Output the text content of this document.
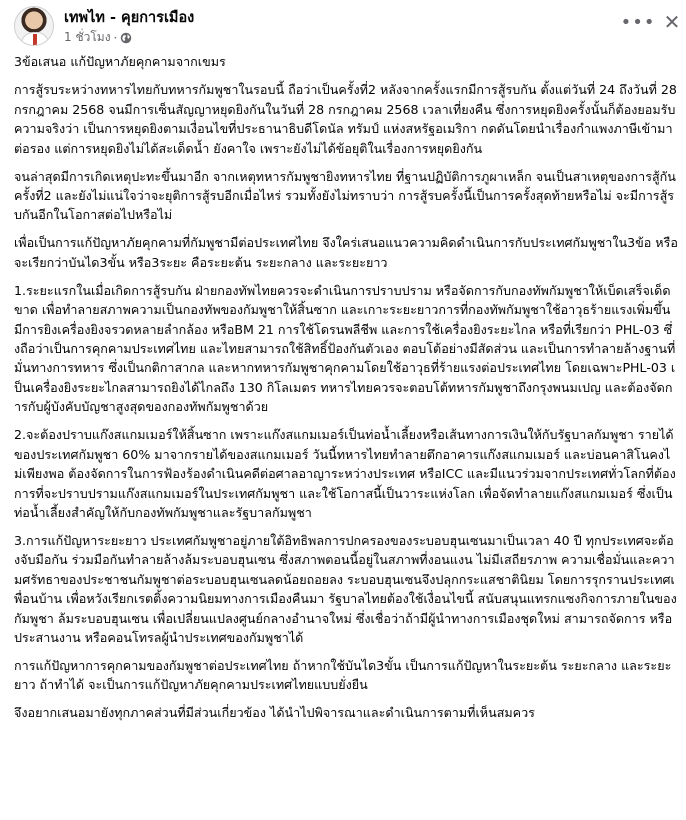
เทพไท - คุยการเมือง
1 ชั่วโมง ·
••• ✕

3ข้อเสนอ แก้ปัญหาภัยคุกคามจากเขมร

การสู้รบระหว่างทหารไทยกับทหารกัมพูชาในรอบนี้ ถือว่าเป็นครั้งที่2 หลังจากครั้งแรกมีการสู้รบกัน ตั้งแต่วันที่ 24 ถึงวันที่ 28 กรกฎาคม 2568 จนมีการเซ็นสัญญาหยุดยิงกันในวันที่ 28 กรกฎาคม 2568 เวลาเที่ยงคืน ซึ่งการหยุดยิงครั้งนั้นก็ต้องยอมรับความจริงว่า เป็นการหยุดยิงตามเงื่อนไขที่ประธานาธิบดีโดนัล ทรัมป์ แห่งสหรัฐอเมริกา กดดันโดยนำเรื่องกำแพงภาษีเข้ามาต่อรอง แต่การหยุดยิงไม่ได้สะเด็ดน้ำ ยังคาใจ เพราะยังไม่ได้ข้อยุติในเรื่องการหยุดยิงกัน

จนล่าสุดมีการเกิดเหตุปะทะขึ้นมาอีก จากเหตุทหารกัมพูชายิงทหารไทย ที่ฐานปฏิบัติการภูผาเหล็ก จนเป็นสาเหตุของการสู้กันครั้งที่2 และยังไม่แน่ใจว่าจะยุติการสู้รบอีกเมื่อไหร่ รวมทั้งยังไม่ทราบว่า การสู้รบครั้งนี้เป็นการครั้งสุดท้ายหรือไม่ จะมีการสู้รบกันอีกในโอกาสต่อไปหรือไม่

เพื่อเป็นการแก้ปัญหาภัยคุกคามที่กัมพูชามีต่อประเทศไทย จึงใคร่เสนอแนวความคิดดำเนินการกับประเทศกัมพูชาใน3ข้อ หรือจะเรียกว่าบันได3ขั้น หรือ3ระยะ คือระยะต้น ระยะกลาง และระยะยาว

1.ระยะแรกในเมื่อเกิดการสู้รบกัน ฝ่ายกองทัพไทยควรจะดำเนินการปราบปราม หรือจัดการกับกองทัพกัมพูชาให้เบ็ดเสร็จเด็ดขาด เพื่อทำลายสภาพความเป็นกองทัพของกัมพูชาให้สิ้นซาก และเกาะระยะยาวการที่กองทัพกัมพูชาใช้อาวุธร้ายแรงเพิ่มขึ้น มีการยิงเครื่องยิงจรวดหลายลำกล้อง หรือBM 21 การใช้โดรนพลีชีพ และการใช้เครื่องยิงระยะไกล หรือที่เรียกว่า PHL-03 ซึ่งถือว่าเป็นการคุกคามประเทศไทย และไทยสามารถใช้สิทธิ์ป้องกันตัวเอง ตอบโต้อย่างมีสัดส่วน และเป็นการทำลายล้างฐานที่มั่นทางการทหาร ซึ่งเป็นกติกาสากล และหากทหารกัมพูชาคุกคามโดยใช้อาวุธที่ร้ายแรงต่อประเทศไทย โดยเฉพาะPHL-03 เป็นเครื่องยิงระยะไกลสามารถยิงได้ไกลถึง 130 กิโลเมตร ทหารไทยควรจะตอบโต้ทหารกัมพูชาถึงกรุงพนมเปญ และต้องจัดการกับผู้บังคับบัญชาสูงสุดของกองทัพกัมพูชาด้วย

2.จะต้องปราบแก๊งสแกมเมอร์ให้สิ้นซาก เพราะแก๊งสแกมเมอร์เป็นท่อน้ำเลี้ยงหรือเส้นทางการเงินให้กับรัฐบาลกัมพูชา รายได้ของประเทศกัมพูชา 60% มาจากรายได้ของสแกมเมอร์ วันนี้ทหารไทยทำลายตึกอาคารแก๊งสแกมเมอร์ และบ่อนคาสิโนคงไม่เพียงพอ ต้องจัดการในการฟ้องร้องดำเนินคดีต่อศาลอาญาระหว่างประเทศ หรือICC และมีแนวร่วมจากประเทศทั่วโลกที่ต้องการที่จะปราบปรามแก๊งสแกมเมอร์ในประเทศกัมพูชา และใช้โอกาสนี้เป็นวาระแห่งโลก เพื่อจัดทำลายแก๊งสแกมเมอร์ ซึ่งเป็นท่อน้ำเลี้ยงสำคัญให้กับกองทัพกัมพูชาและรัฐบาลกัมพูชา

3.การแก้ปัญหาระยะยาว ประเทศกัมพูชาอยู่ภายใต้อิทธิพลการปกครองของระบอบฮุนเซนมาเป็นเวลา 40 ปี ทุกประเทศจะต้องจับมือกัน ร่วมมือกันทำลายล้างล้มระบอบฮุนเซน ซึ่งสภาพตอนนี้อยู่ในสภาพที่งอนแงน ไม่มีเสถียรภาพ ความเชื่อมั่นและความศรัทธาของประชาชนกัมพูชาต่อระบอบฮุนเซนลดน้อยถอยลง ระบอบฮุนเซนจึงปลุกกระแสชาตินิยม โดยการรุกรานประเทศเพื่อนบ้าน เพื่อหวังเรียกเรตติ้งความนิยมทางการเมืองคืนมา รัฐบาลไทยต้องใช้เงื่อนไขนี้ สนับสนุนแทรกแซงกิจการภายในของกัมพูชา ล้มระบอบฮุนเซน เพื่อเปลี่ยนแปลงศูนย์กลางอำนาจใหม่ ซึ่งเชื่อว่าถ้ามีผู้นำทางการเมืองชุดใหม่ สามารถจัดการ หรือประสานงาน หรือคอนโทรลผู้นำประเทศของกัมพูชาได้

การแก้ปัญหาการคุกคามของกัมพูชาต่อประเทศไทย ถ้าหากใช้บันได3ขั้น เป็นการแก้ปัญหาในระยะต้น ระยะกลาง และระยะยาว ถ้าทำได้ จะเป็นการแก้ปัญหาภัยคุกคามประเทศไทยแบบยั่งยืน

จึงอยากเสนอมายังทุกภาคส่วนที่มีส่วนเกี่ยวข้อง ได้นำไปพิจารณาและดำเนินการตามที่เห็นสมควร
